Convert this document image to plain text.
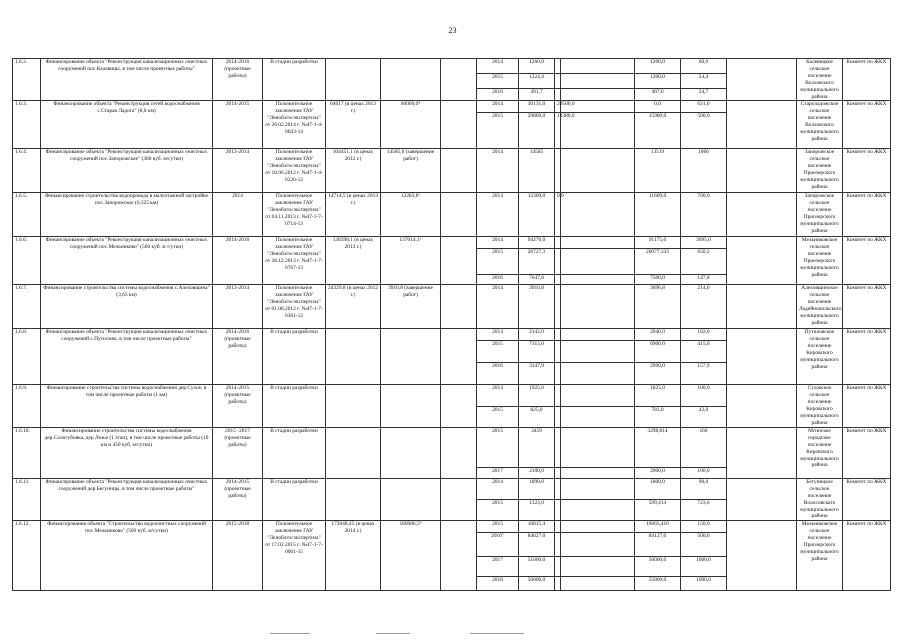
23
1.6.2.	Финансирование объекта "Реконструкция канализационных очистных сооружений пос.Калевицы, в том числе проектные работы"	2014-2016 (проектные работы)	В стадии разработки				2014	1260,0			1200,0	60,0		Калевицкое сельское поселение Волховского муниципального района	Комитет по ЖКХ
							2015	1224,4			1200,0	24,4			
							2016	491,7			467,0	24,7			
1.6.3.	Финансирование объекта "Реконструкция сетей водоснабжения с.Старая Ладога" (8,0 км)	2014-2015	Положительное заключение ГАУ "Леноблгосэкспертиза" от 26.02.2014 г. №47-1-4-0043-14	64017 (в ценах 2013 г.)	60000,0⁴		2014	30131,0	29500,0		0,0	631,0		Староладожское сельское поселение Волховского муниципального района	Комитет по ЖКХ
							2015	29869,0	13380,0		15989,0	500,0			
1.6.4.	Финансирование объекта "Реконструкция канализационных очистных сооружений пос.Запорожское" (300 куб. м/сутки)	2013-2014	Положительное заключение ГАУ "Леноблгосэкспертиза" от 18.06.2012 г. №47-1-4-0226-12	104451,1 (в ценах 2012 г.)	14585,0 (завершение работ)		2014	14585			13519	1066		Запорожское сельское поселение Приозерского муниципального района	Комитет по ЖКХ
1.6.5.	Финансирование строительства водопровода в малоэтажной застройке пос.Запорожское (6,325 км)	2014	Положительное заключение ГАУ "Леноблгосэкспертиза" от 04.11.2013 г. №47-1-7-0714-13	14714,5 (в ценах 2013 г.)	12283,8⁵		2014	12309,0	0,0		11609,0	700,0		Запорожское сельское поселение Приозерского муниципального района	Комитет по ЖКХ
1.6.6.	Финансирование объекта "Реконструкция канализационных очистных сооружений пос.Мельниково" (500 куб. м /сутки)	2014-2016	Положительное заключение ГАУ "Леноблгосэкспертиза" от 28.12.2013 г. №47-1-7-0767-13	138398,1 (в ценах 2013 г.)	137014,1⁶		2014	94270,0			91175,0	3095,0		Мельниковское сельское поселение Приозерского муниципального района	Комитет по ЖКХ
							2015	26727,3			26077,333	650,2			
							2016	7647,8			7500,0	147,8			
1.6.7.	Финансирование строительства системы водоснабжения с.Алеховщина" (3,65 км)	2013-2014	Положительное заключение ГАУ "Леноблгосэкспертиза" от 01.08.2012 г. №47-1-7-0361-12	24329,8 (в ценах 2012 г.)	3910,8 (завершение работ)		2014	3910,8			3696,8	214,0		Алеховщинское сельское поселение Лодейнопольского муниципального района	Комитет по ЖКХ
1.6.8.	Финансирование объекта "Реконструкция канализационных очистных сооружений с.Путилово, в том числе проектные работы"	2014-2016 (проектные работы)	В стадии разработки				2014	2142,0			2040,0	102,0		Путиловское сельское поселение Кировского муниципального района	Комитет по ЖКХ
							2015	7315,0			6900,0	415,0			
							2016	3147,9			2990,0	157,9			
1.6.9.	Финансирование строительства системы водоснабжения дер.Сухое, в том числе проектные работы (1 км)	2014-2015 (проектные работы)	В стадии разработки				2014	1925,0			1825,0	100,0		Суховское сельское поселение Кировского муниципального района	Комитет по ЖКХ
							2015	825,0			783,0	42,0			
1.6.10.	Финансирование строительства системы водоснабжения дер.Сологубовка, дер.Лезье (1 этап), в том числе проектные работы (10 км и 450 куб. м/сутки)	2015 -2017 (проектные работы)	В стадии разработки				2015	3459			3298,814	160		Мгинское городское поселение Кировского муниципального района	Комитет по ЖКХ
							2017	2100,0			2000,0	100,0			
1.6.11.	Финансирование объекта "Реконструкция канализационных очистных сооружений дер.Бегуницы, в том числе проектные работы"	2014-2015 (проектные работы)	В стадии разработки				2014	1890,0			1800,0	90,0		Бегуницкое сельское поселение Волосовского муниципального района	Комитет по ЖКХ
							2015	1323,0			599,414	723,6			
1.6.12.	Финансирование объекта "Строительство водоочистных сооружений пос.Мельниково" (500 куб. м/сутки)	2015-2018	Положительное заключение ГАУ "Леноблгосэкспертиза" от 17.02.2015 г. №47-1-7-0061-15	173048,45 (в ценах 2014 г.)	186986,5⁹		2015	16815,4			16665,410	150,0		Мельниковское сельское поселение Приозерского муниципального района	Комитет по ЖКХ
							2016⁷	84627,0			84127,0	500,0			
							2017	51000,0			50000,0	1000,0			
							2018	56000,0			55000,0	1000,0			
